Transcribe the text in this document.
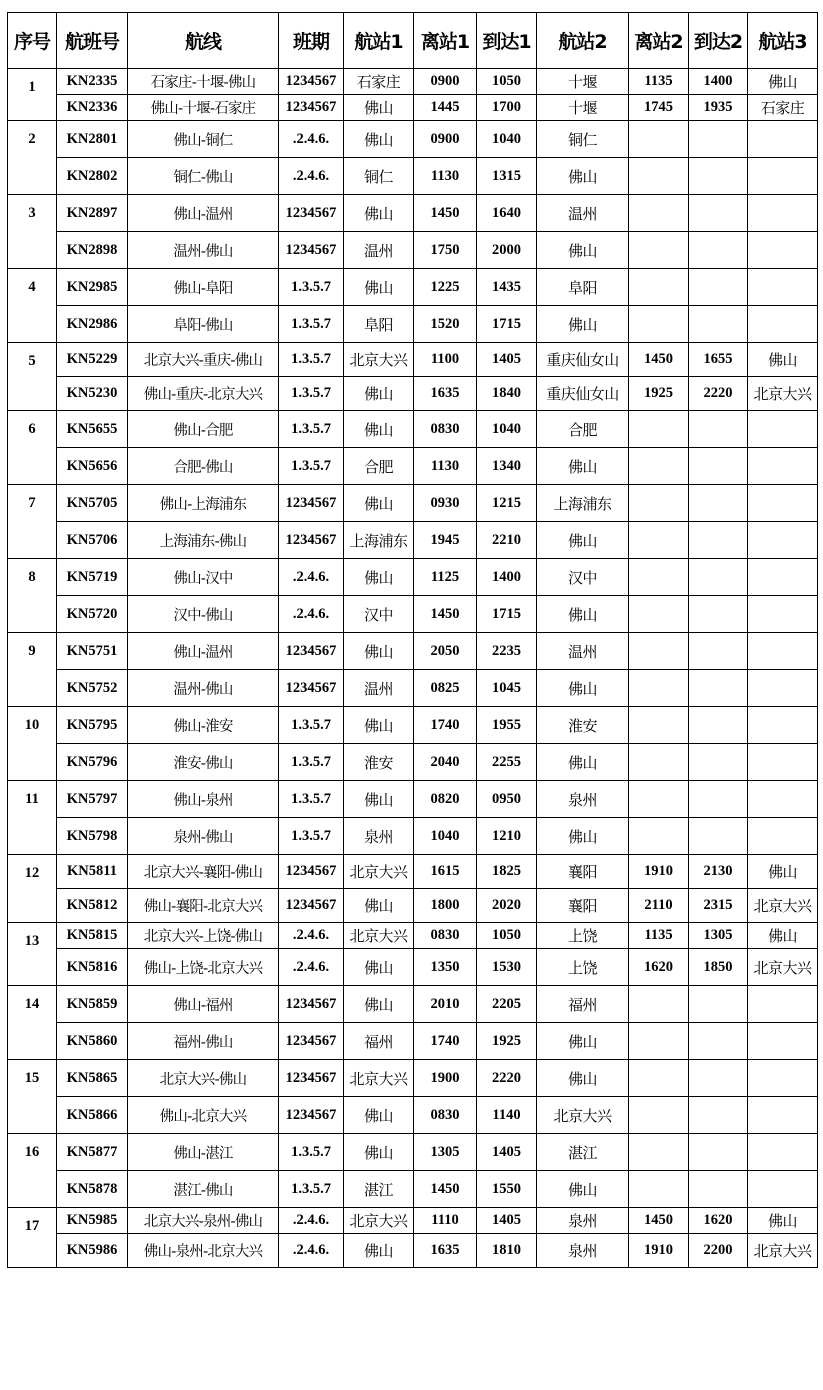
序号	航班号	航线	班期	航站1	离站1	到达1	航站2	离站2	到达2	航站3
1	KN2335	石家庄-十堰-佛山	1234567	石家庄	0900	1050	十堰	1135	1400	佛山
	KN2336	佛山-十堰-石家庄	1234567	佛山	1445	1700	十堰	1745	1935	石家庄
2	KN2801	佛山-铜仁	.2.4.6.	佛山	0900	1040	铜仁			
	KN2802	铜仁-佛山	.2.4.6.	铜仁	1130	1315	佛山			
3	KN2897	佛山-温州	1234567	佛山	1450	1640	温州			
	KN2898	温州-佛山	1234567	温州	1750	2000	佛山			
4	KN2985	佛山-阜阳	1.3.5.7	佛山	1225	1435	阜阳			
	KN2986	阜阳-佛山	1.3.5.7	阜阳	1520	1715	佛山			
5	KN5229	北京大兴-重庆-佛山	1.3.5.7	北京大兴	1100	1405	重庆仙女山	1450	1655	佛山
	KN5230	佛山-重庆-北京大兴	1.3.5.7	佛山	1635	1840	重庆仙女山	1925	2220	北京大兴
6	KN5655	佛山-合肥	1.3.5.7	佛山	0830	1040	合肥			
	KN5656	合肥-佛山	1.3.5.7	合肥	1130	1340	佛山			
7	KN5705	佛山-上海浦东	1234567	佛山	0930	1215	上海浦东			
	KN5706	上海浦东-佛山	1234567	上海浦东	1945	2210	佛山			
8	KN5719	佛山-汉中	.2.4.6.	佛山	1125	1400	汉中			
	KN5720	汉中-佛山	.2.4.6.	汉中	1450	1715	佛山			
9	KN5751	佛山-温州	1234567	佛山	2050	2235	温州			
	KN5752	温州-佛山	1234567	温州	0825	1045	佛山			
10	KN5795	佛山-淮安	1.3.5.7	佛山	1740	1955	淮安			
	KN5796	淮安-佛山	1.3.5.7	淮安	2040	2255	佛山			
11	KN5797	佛山-泉州	1.3.5.7	佛山	0820	0950	泉州			
	KN5798	泉州-佛山	1.3.5.7	泉州	1040	1210	佛山			
12	KN5811	北京大兴-襄阳-佛山	1234567	北京大兴	1615	1825	襄阳	1910	2130	佛山
	KN5812	佛山-襄阳-北京大兴	1234567	佛山	1800	2020	襄阳	2110	2315	北京大兴
13	KN5815	北京大兴-上饶-佛山	.2.4.6.	北京大兴	0830	1050	上饶	1135	1305	佛山
	KN5816	佛山-上饶-北京大兴	.2.4.6.	佛山	1350	1530	上饶	1620	1850	北京大兴
14	KN5859	佛山-福州	1234567	佛山	2010	2205	福州			
	KN5860	福州-佛山	1234567	福州	1740	1925	佛山			
15	KN5865	北京大兴-佛山	1234567	北京大兴	1900	2220	佛山			
	KN5866	佛山-北京大兴	1234567	佛山	0830	1140	北京大兴			
16	KN5877	佛山-湛江	1.3.5.7	佛山	1305	1405	湛江			
	KN5878	湛江-佛山	1.3.5.7	湛江	1450	1550	佛山			
17	KN5985	北京大兴-泉州-佛山	.2.4.6.	北京大兴	1110	1405	泉州	1450	1620	佛山
	KN5986	佛山-泉州-北京大兴	.2.4.6.	佛山	1635	1810	泉州	1910	2200	北京大兴
